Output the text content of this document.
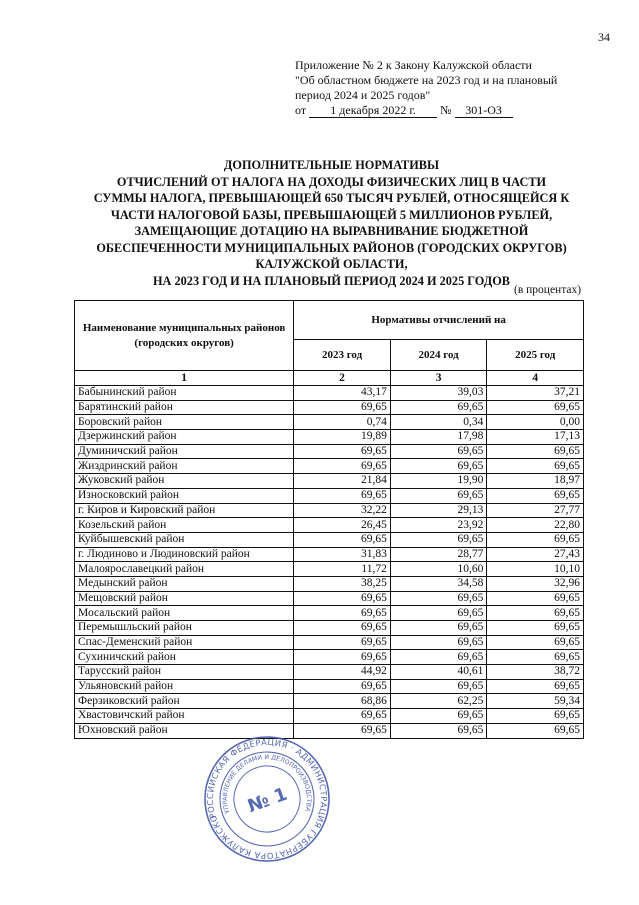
34
Приложение № 2 к Закону Калужской области
"Об областном бюджете на 2023 год и на плановый
период 2024 и 2025 годов"
от 1 декабря 2022 г. № 301-ОЗ
ДОПОЛНИТЕЛЬНЫЕ НОРМАТИВЫ
ОТЧИСЛЕНИЙ ОТ НАЛОГА НА ДОХОДЫ ФИЗИЧЕСКИХ ЛИЦ В ЧАСТИ
СУММЫ НАЛОГА, ПРЕВЫШАЮЩЕЙ 650 ТЫСЯЧ РУБЛЕЙ, ОТНОСЯЩЕЙСЯ К
ЧАСТИ НАЛОГОВОЙ БАЗЫ, ПРЕВЫШАЮЩЕЙ 5 МИЛЛИОНОВ РУБЛЕЙ,
ЗАМЕЩАЮЩИЕ ДОТАЦИЮ НА ВЫРАВНИВАНИЕ БЮДЖЕТНОЙ
ОБЕСПЕЧЕННОСТИ МУНИЦИПАЛЬНЫХ РАЙОНОВ (ГОРОДСКИХ ОКРУГОВ)
КАЛУЖСКОЙ ОБЛАСТИ,
НА 2023 ГОД И НА ПЛАНОВЫЙ ПЕРИОД 2024 И 2025 ГОДОВ
(в процентах)
Наименование муниципальных районов (городских округов)	Нормативы отчислений на		
	2023 год	2024 год	2025 год
1	2	3	4
Бабынинский район	43,17	39,03	37,21
Барятинский район	69,65	69,65	69,65
Боровский район	0,74	0,34	0,00
Дзержинский район	19,89	17,98	17,13
Думиничский район	69,65	69,65	69,65
Жиздринский район	69,65	69,65	69,65
Жуковский район	21,84	19,90	18,97
Износковский район	69,65	69,65	69,65
г. Киров и Кировский район	32,22	29,13	27,77
Козельский район	26,45	23,92	22,80
Куйбышевский район	69,65	69,65	69,65
г. Людиново и Людиновский район	31,83	28,77	27,43
Малоярославецкий район	11,72	10,60	10,10
Медынский район	38,25	34,58	32,96
Мещовский район	69,65	69,65	69,65
Мосальский район	69,65	69,65	69,65
Перемышльский район	69,65	69,65	69,65
Спас-Деменский район	69,65	69,65	69,65
Сухиничский район	69,65	69,65	69,65
Тарусский район	44,92	40,61	38,72
Ульяновский район	69,65	69,65	69,65
Ферзиковский район	68,86	62,25	59,34
Хвастовичский район	69,65	69,65	69,65
Юхновский район	69,65	69,65	69,65
РОССИЙСКАЯ ФЕДЕРАЦИЯ · АДМИНИСТРАЦИЯ ГУБЕРНАТОРА КАЛУЖСКОЙ
УПРАВЛЕНИЕ ДЕЛАМИ И ДЕЛОПРОИЗВОДСТВА
№ 1
